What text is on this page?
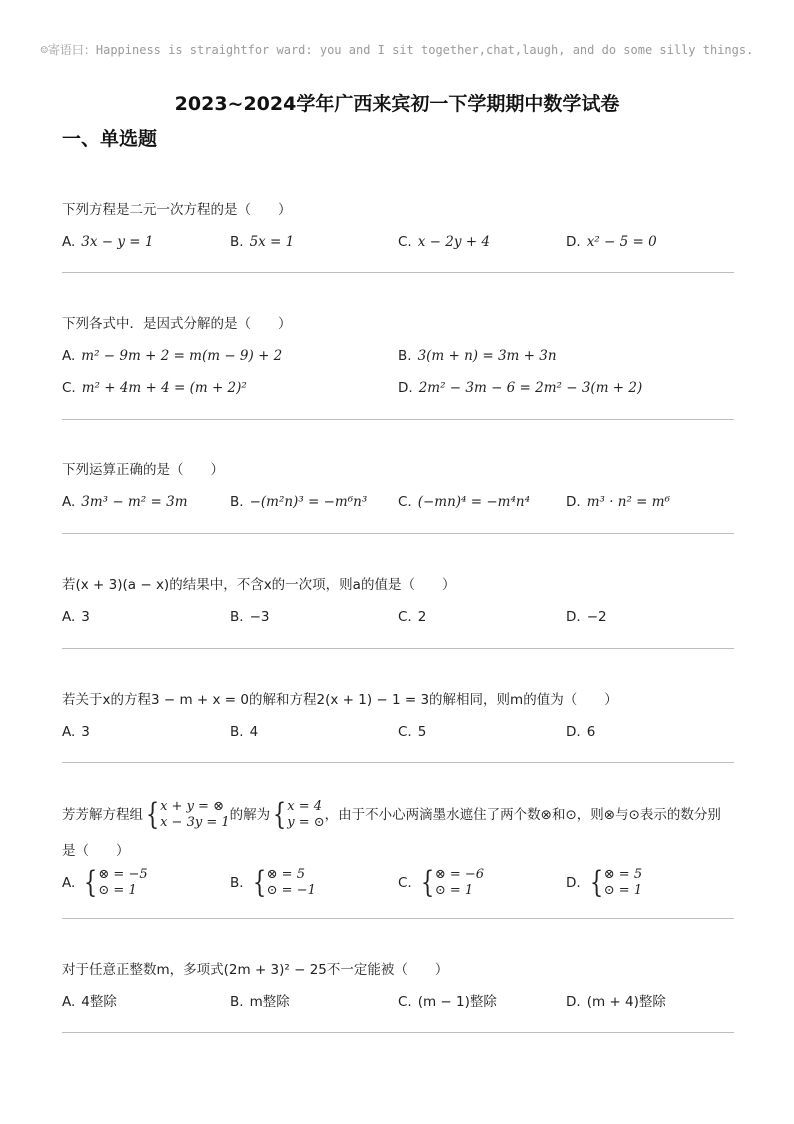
☺寄语曰：Happiness is straightfor ward: you and I sit together,chat,laugh, and do some silly things.
2023~2024学年广西来宾初一下学期期中数学试卷
一、单选题
下列方程是二元一次方程的是（　　）
A. 3x − y = 1	B. 5x = 1	C. x − 2y + 4	D. x² − 5 = 0
下列各式中．是因式分解的是（　　）
A. m² − 9m + 2 = m(m − 9) + 2	B. 3(m + n) = 3m + 3n
C. m² + 4m + 4 = (m + 2)²	D. 2m² − 3m − 6 = 2m² − 3(m + 2)
下列运算正确的是（　　）
A. 3m³ − m² = 3m	B. −(m²n)³ = −m⁶n³ C. (−mn)⁴ = −m⁴n⁴	D. m³ · n² = m⁶
若(x + 3)(a − x)的结果中，不含x的一次项，则a的值是（　　）
A. 3	B. −3	C. 2	D. −2
若关于x的方程3 − m + x = 0的解和方程2(x + 1) − 1 = 3的解相同，则m的值为（　　）
A. 3	B. 4	C. 5	D. 6
芳芳解方程组 { x + y = ⊗
x − 3y = 1 的解为 { x = 4
y = ⊙ ，由于不小心两滴墨水遮住了两个数⊗和⊙，则⊗与⊙表示的数分别
是（　　）
A. { ⊗ = −5
⊙ = 1	B. { ⊗ = 5
⊙ = −1	C. { ⊗ = −6
⊙ = 1	D. { ⊗ = 5
⊙ = 1
对于任意正整数m，多项式(2m + 3)² − 25不一定能被（　　）
A. 4整除	B. m整除	C. (m − 1)整除	D. (m + 4)整除
